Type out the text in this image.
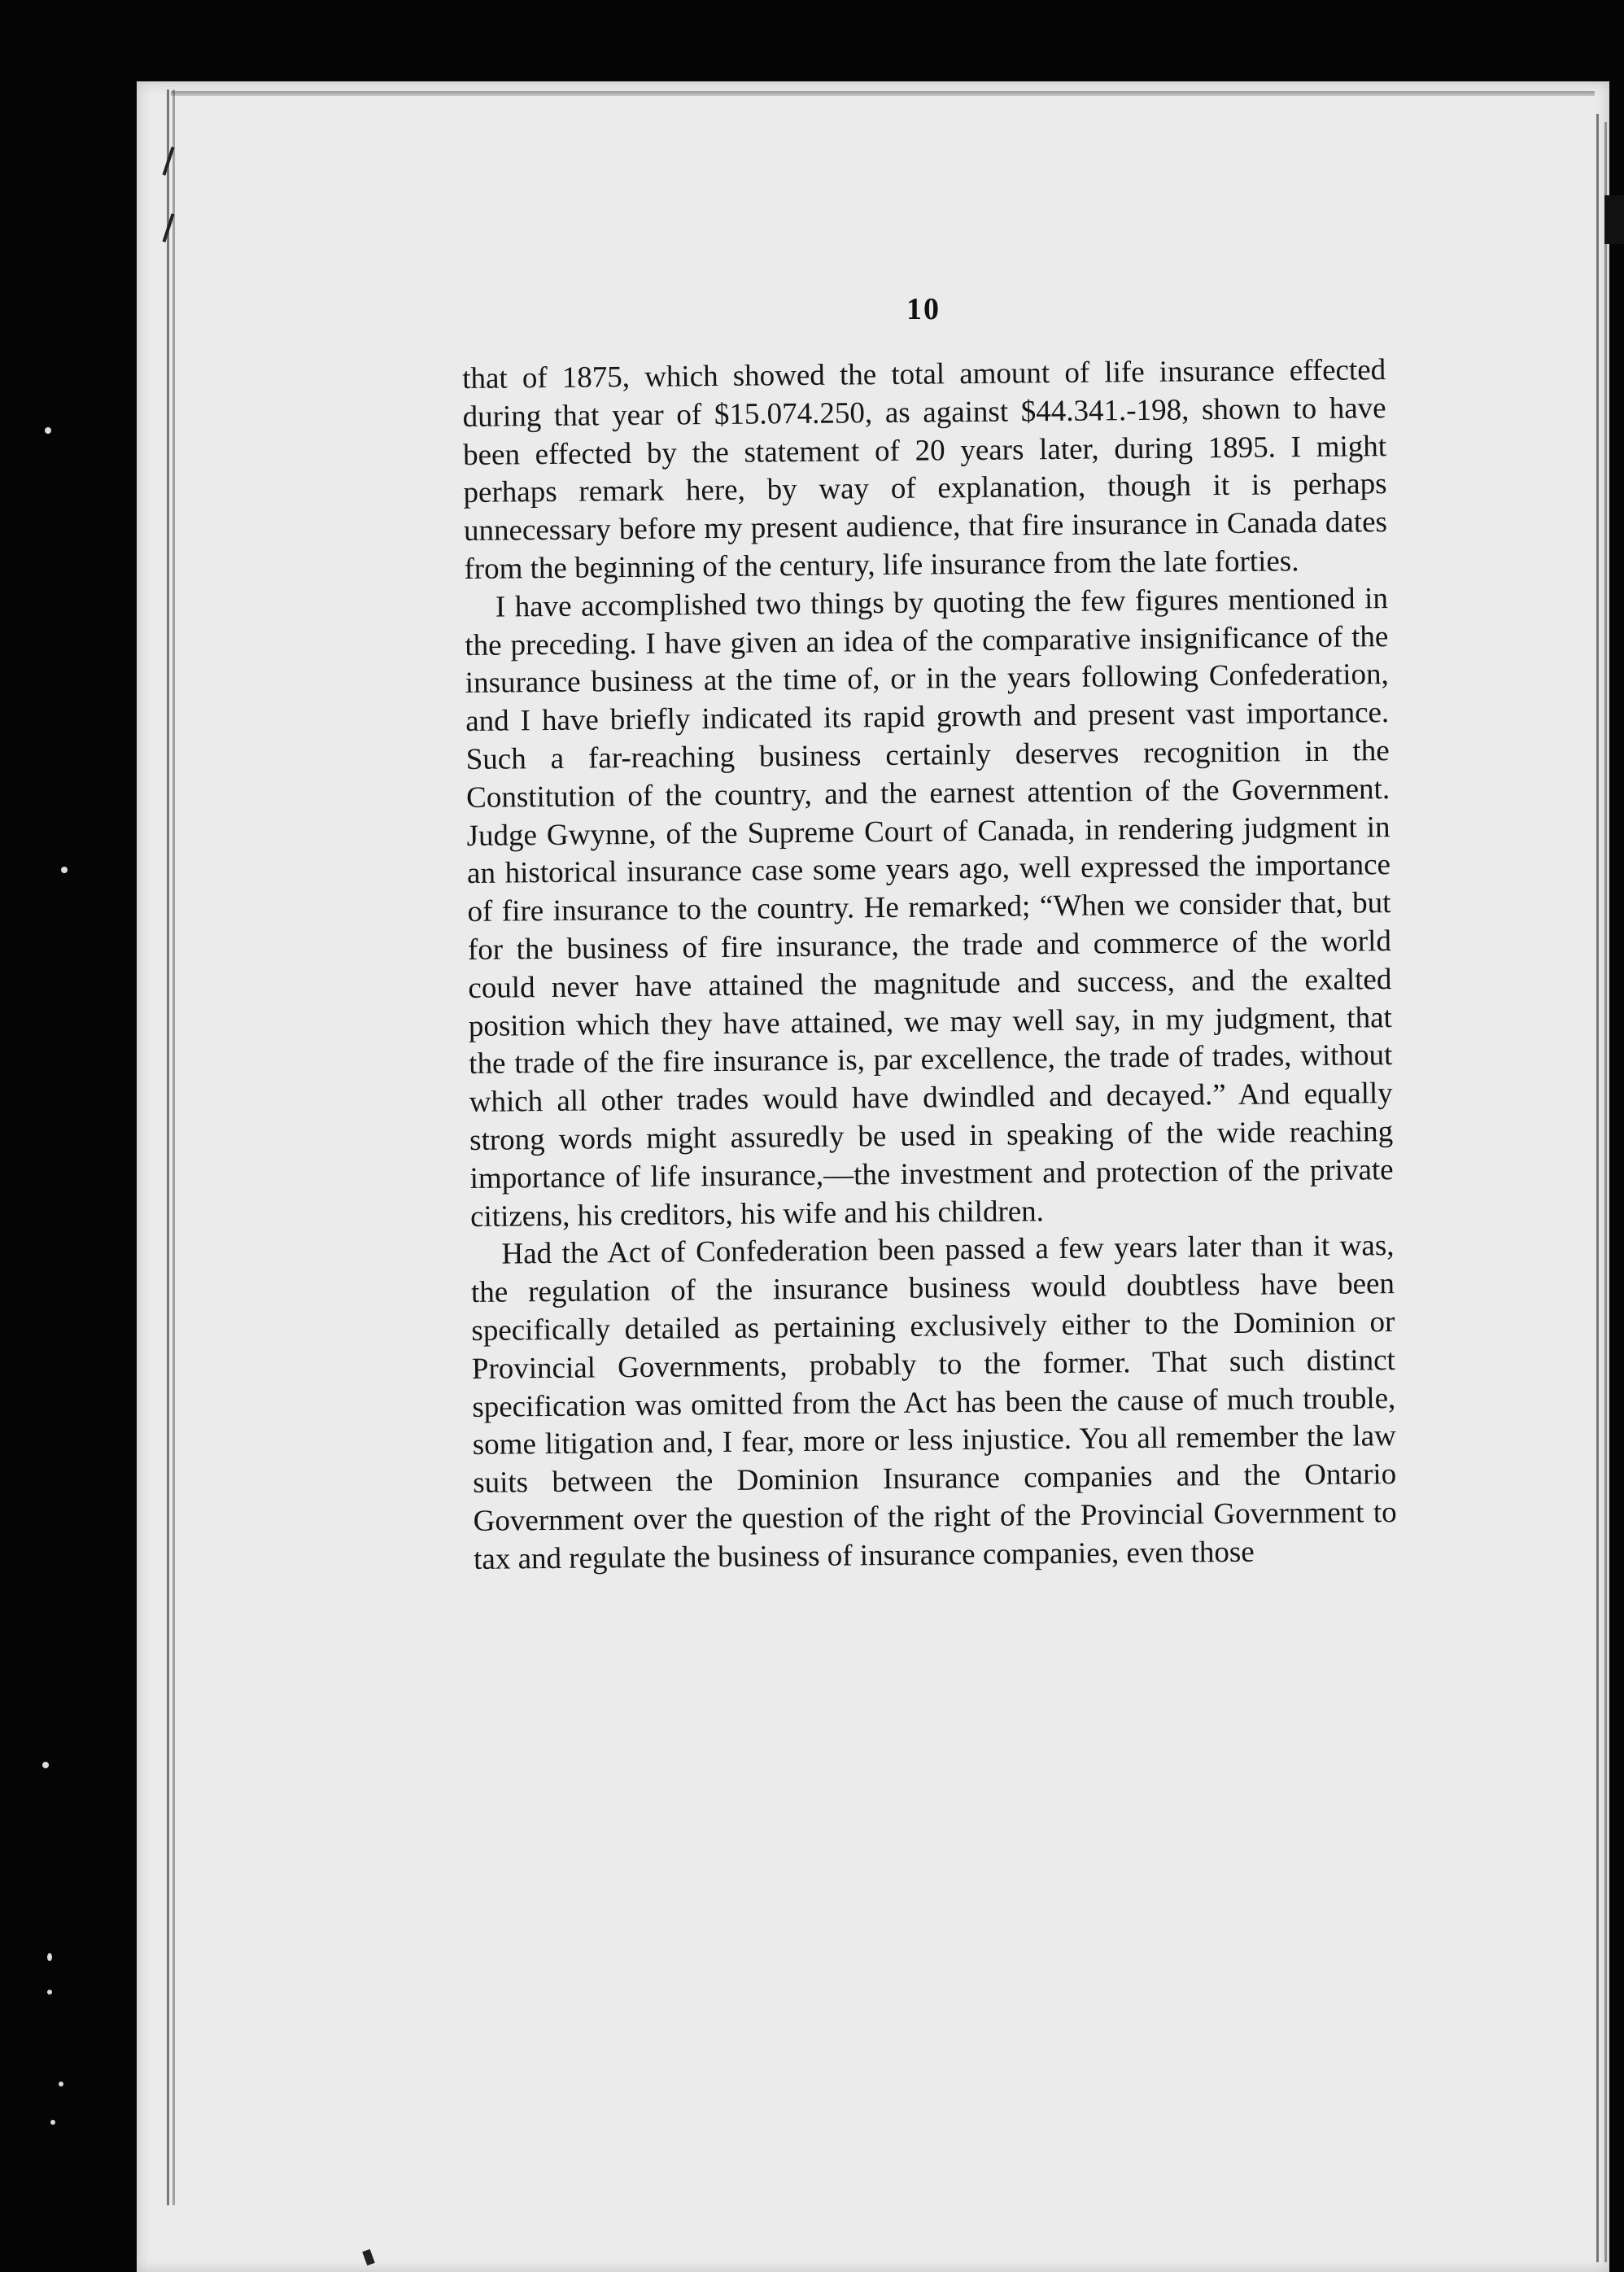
10

that of 1875, which showed the total amount of life insurance effected during that year of $15.074.250, as against $44.341.-198, shown to have been effected by the statement of 20 years later, during 1895. I might perhaps remark here, by way of explanation, though it is perhaps unnecessary before my present audience, that fire insurance in Canada dates from the beginning of the century, life insurance from the late forties.

I have accomplished two things by quoting the few figures mentioned in the preceding. I have given an idea of the comparative insignificance of the insurance business at the time of, or in the years following Confederation, and I have briefly indicated its rapid growth and present vast importance. Such a far-reaching business certainly deserves recognition in the Constitution of the country, and the earnest attention of the Government. Judge Gwynne, of the Supreme Court of Canada, in rendering judgment in an historical insurance case some years ago, well expressed the importance of fire insurance to the country. He remarked; “When we consider that, but for the business of fire insurance, the trade and commerce of the world could never have attained the magnitude and success, and the exalted position which they have attained, we may well say, in my judgment, that the trade of the fire insurance is, par excellence, the trade of trades, without which all other trades would have dwindled and decayed.” And equally strong words might assuredly be used in speaking of the wide reaching importance of life insurance,—the investment and protection of the private citizens, his creditors, his wife and his children.

Had the Act of Confederation been passed a few years later than it was, the regulation of the insurance business would doubtless have been specifically detailed as pertaining exclusively either to the Dominion or Provincial Governments, probably to the former. That such distinct specification was omitted from the Act has been the cause of much trouble, some litigation and, I fear, more or less injustice. You all remember the law suits between the Dominion Insurance companies and the Ontario Government over the question of the right of the Provincial Government to tax and regulate the business of insurance companies, even those
